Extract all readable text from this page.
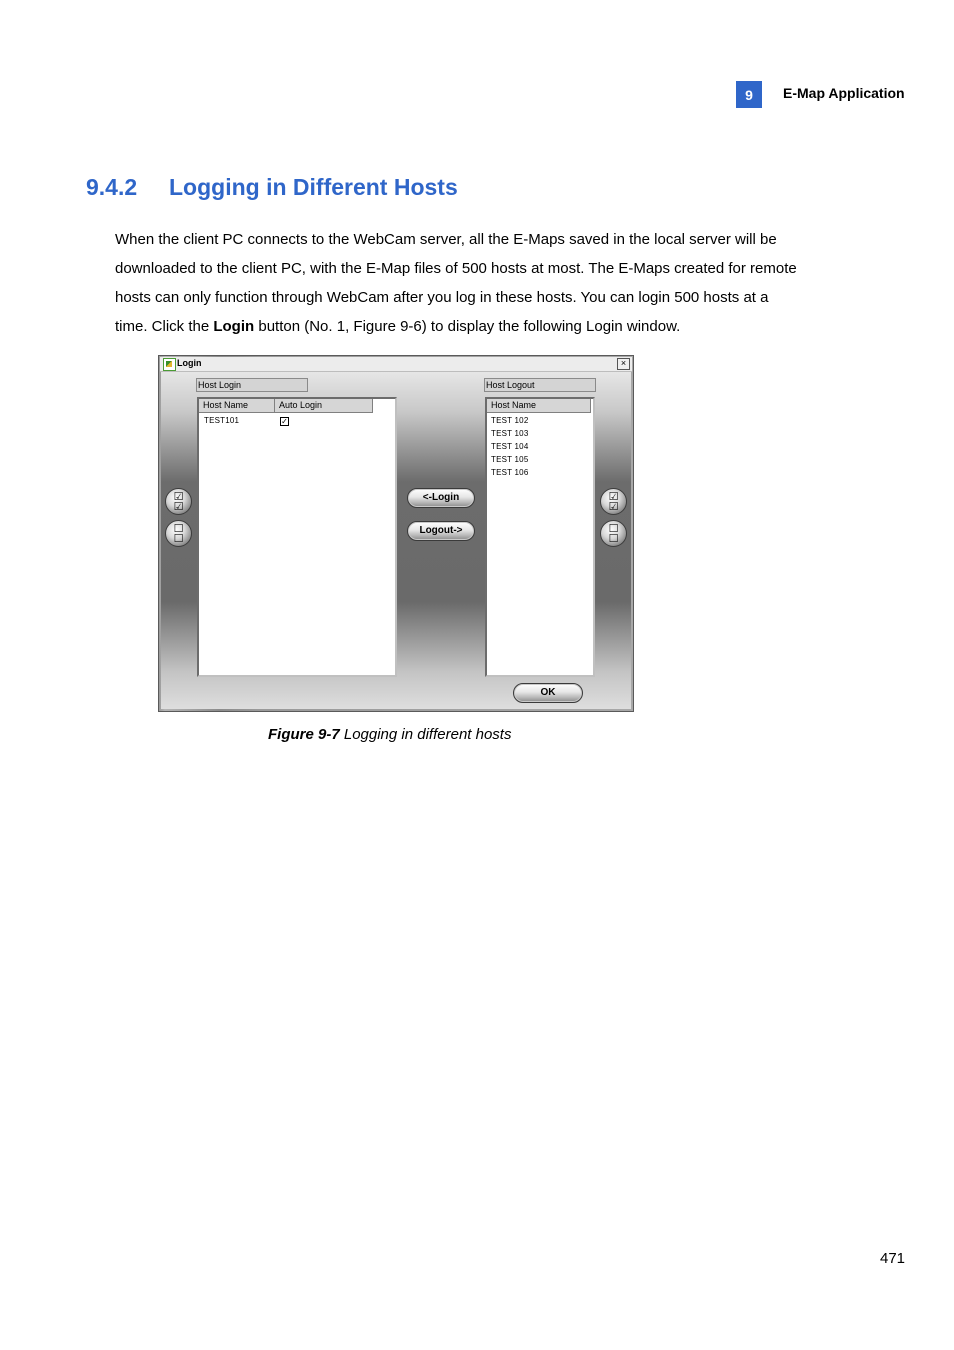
9	E-Map Application
9.4.2 Logging in Different Hosts

When the client PC connects to the WebCam server, all the E-Maps saved in the local server will be

downloaded to the client PC, with the E-Map files of 500 hosts at most. The E-Maps created for remote

hosts can only function through WebCam after you log in these hosts. You can login 500 hosts at a

time. Click the Login button (No. 1, Figure 9-6) to display the following Login window.

Login	×
Host Login	Host Logout
Host Name	Auto Login
TEST101	✓
Host Name
TEST 102
TEST 103
TEST 104
TEST 105
TEST 106
☑
☑
☐
☐
☑
☑
☐
☐
<-Login
Logout->
OK
Figure 9-7 Logging in different hosts
471
